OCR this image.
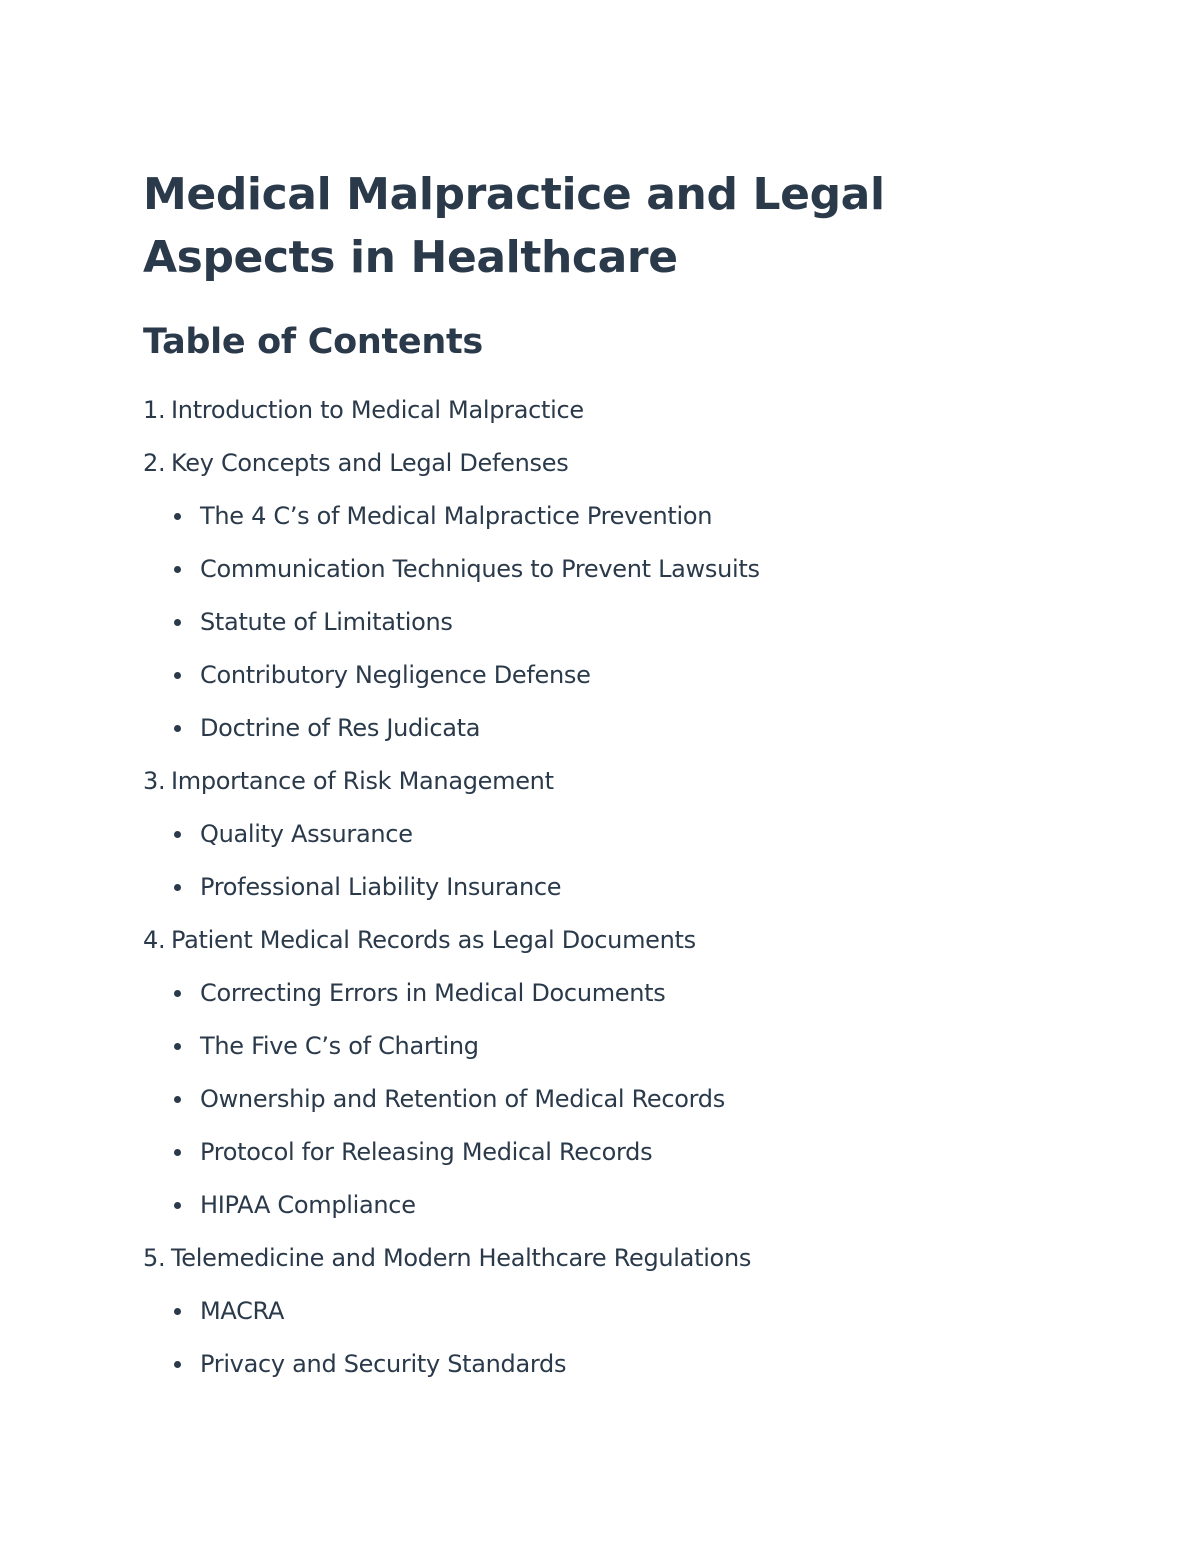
Medical Malpractice and Legal Aspects in Healthcare
Table of Contents
1. Introduction to Medical Malpractice
2. Key Concepts and Legal Defenses
The 4 C’s of Medical Malpractice Prevention
Communication Techniques to Prevent Lawsuits
Statute of Limitations
Contributory Negligence Defense
Doctrine of Res Judicata
3. Importance of Risk Management
Quality Assurance
Professional Liability Insurance
4. Patient Medical Records as Legal Documents
Correcting Errors in Medical Documents
The Five C’s of Charting
Ownership and Retention of Medical Records
Protocol for Releasing Medical Records
HIPAA Compliance
5. Telemedicine and Modern Healthcare Regulations
MACRA
Privacy and Security Standards
